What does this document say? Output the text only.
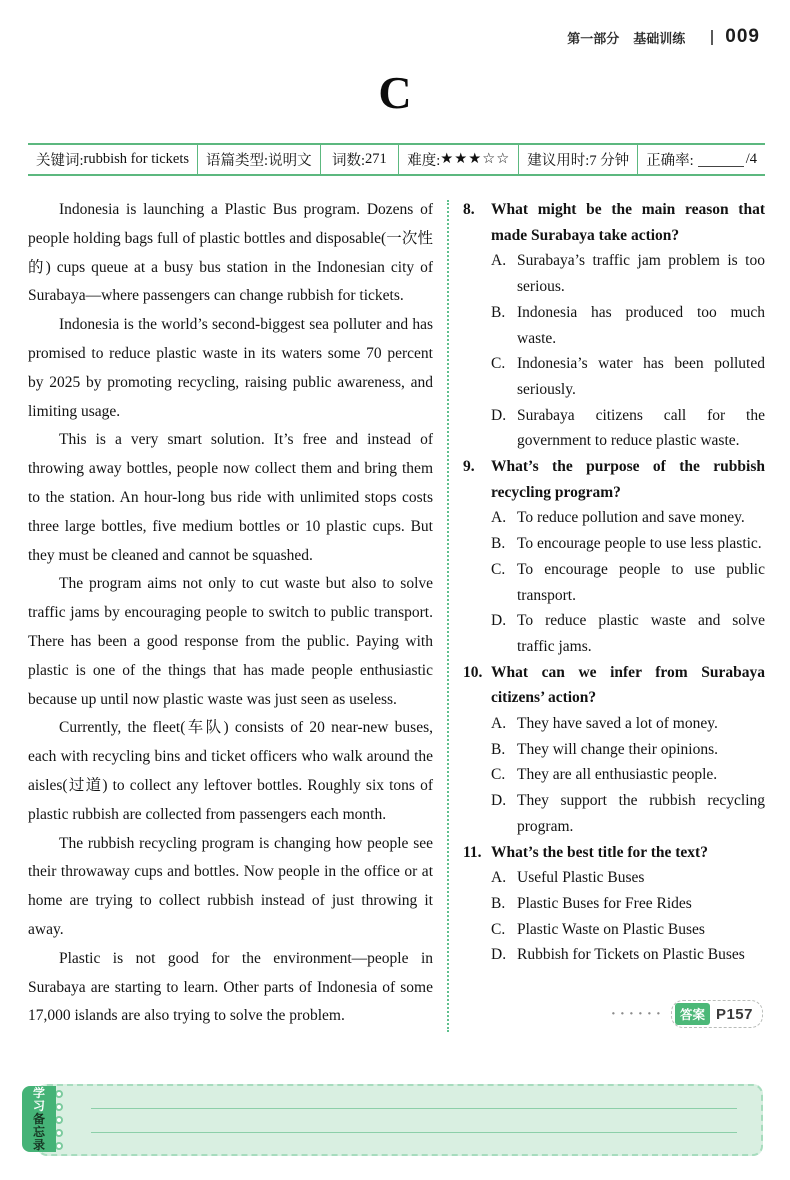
第一部分 基础训练 009
C
关键词: rubbish for tickets 语篇类型: 说明文 词数: 271 难度: ★★★☆☆ 建议用时: 7 分钟 正确率:	/4

Indonesia is launching a Plastic Bus program. Dozens of people holding bags full of plastic bottles and disposable(一次性的) cups queue at a busy bus station in the Indonesian city of Surabaya—where passengers can change rubbish for tickets.

Indonesia is the world’s second-biggest sea polluter and has promised to reduce plastic waste in its waters some 70 percent by 2025 by promoting recycling, raising public awareness, and limiting usage.

This is a very smart solution. It’s free and instead of throwing away bottles, people now collect them and bring them to the station. An hour-long bus ride with unlimited stops costs three large bottles, five medium bottles or 10 plastic cups. But they must be cleaned and cannot be squashed.

The program aims not only to cut waste but also to solve traffic jams by encouraging people to switch to public transport. There has been a good response from the public. Paying with plastic is one of the things that has made people enthusiastic because up until now plastic waste was just seen as useless.

Currently, the fleet(车队) consists of 20 near-new buses, each with recycling bins and ticket officers who walk around the aisles(过道) to collect any leftover bottles. Roughly six tons of plastic rubbish are collected from passengers each month.

The rubbish recycling program is changing how people see their throwaway cups and bottles. Now people in the office or at home are trying to collect rubbish instead of just throwing it away.

Plastic is not good for the environment—people in Surabaya are starting to learn. Other parts of Indonesia of some 17,000 islands are also trying to solve the problem.

8.	What might be the main reason that made Surabaya take action?
A. Surabaya’s traffic jam problem is too serious.
B. Indonesia has produced too much waste.
C. Indonesia’s water has been polluted seriously.
D. Surabaya citizens call for the government to reduce plastic waste.
9.	What’s the purpose of the rubbish recycling program?
A. To reduce pollution and save money.
B. To encourage people to use less plastic.
C. To encourage people to use public transport.
D. To reduce plastic waste and solve traffic jams.
10. What can we infer from Surabaya citizens’ action?
A. They have saved a lot of money.
B. They will change their opinions.
C. They are all enthusiastic people.
D. They support the rubbish recycling program.
11. What’s the best title for the text?
A. Useful Plastic Buses
B. Plastic Buses for Free Rides
C. Plastic Waste on Plastic Buses
D. Rubbish for Tickets on Plastic Buses
······	答案 P157
学习
备忘录
